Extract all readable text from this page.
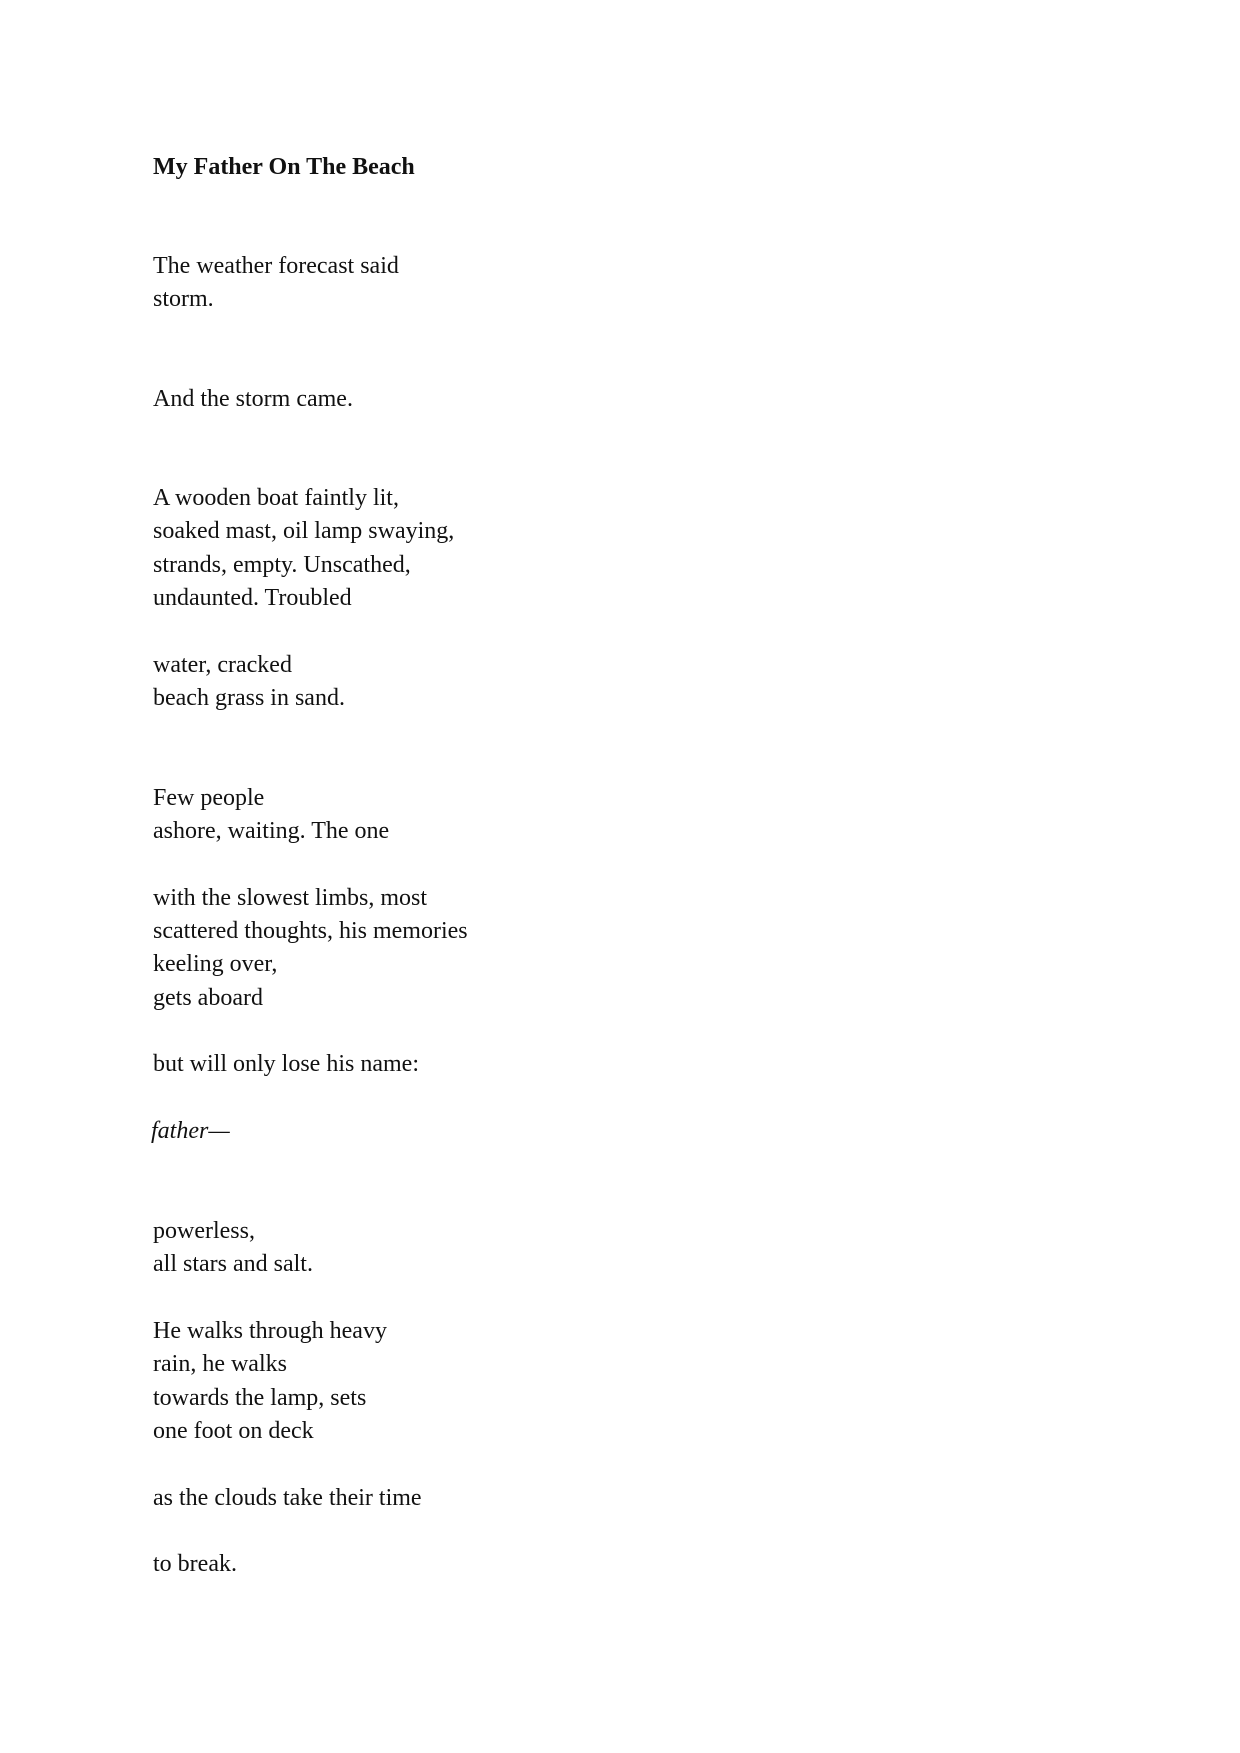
My Father On The Beach

The weather forecast said

storm.

And the storm came.

A wooden boat faintly lit,

soaked mast, oil lamp swaying,

strands, empty. Unscathed,

undaunted. Troubled

water, cracked

beach grass in sand.

Few people

ashore, waiting. The one

with the slowest limbs, most

scattered thoughts, his memories

keeling over,

gets aboard

but will only lose his name:

father—

powerless,

all stars and salt.

He walks through heavy

rain, he walks

towards the lamp, sets

one foot on deck

as the clouds take their time

to break.
